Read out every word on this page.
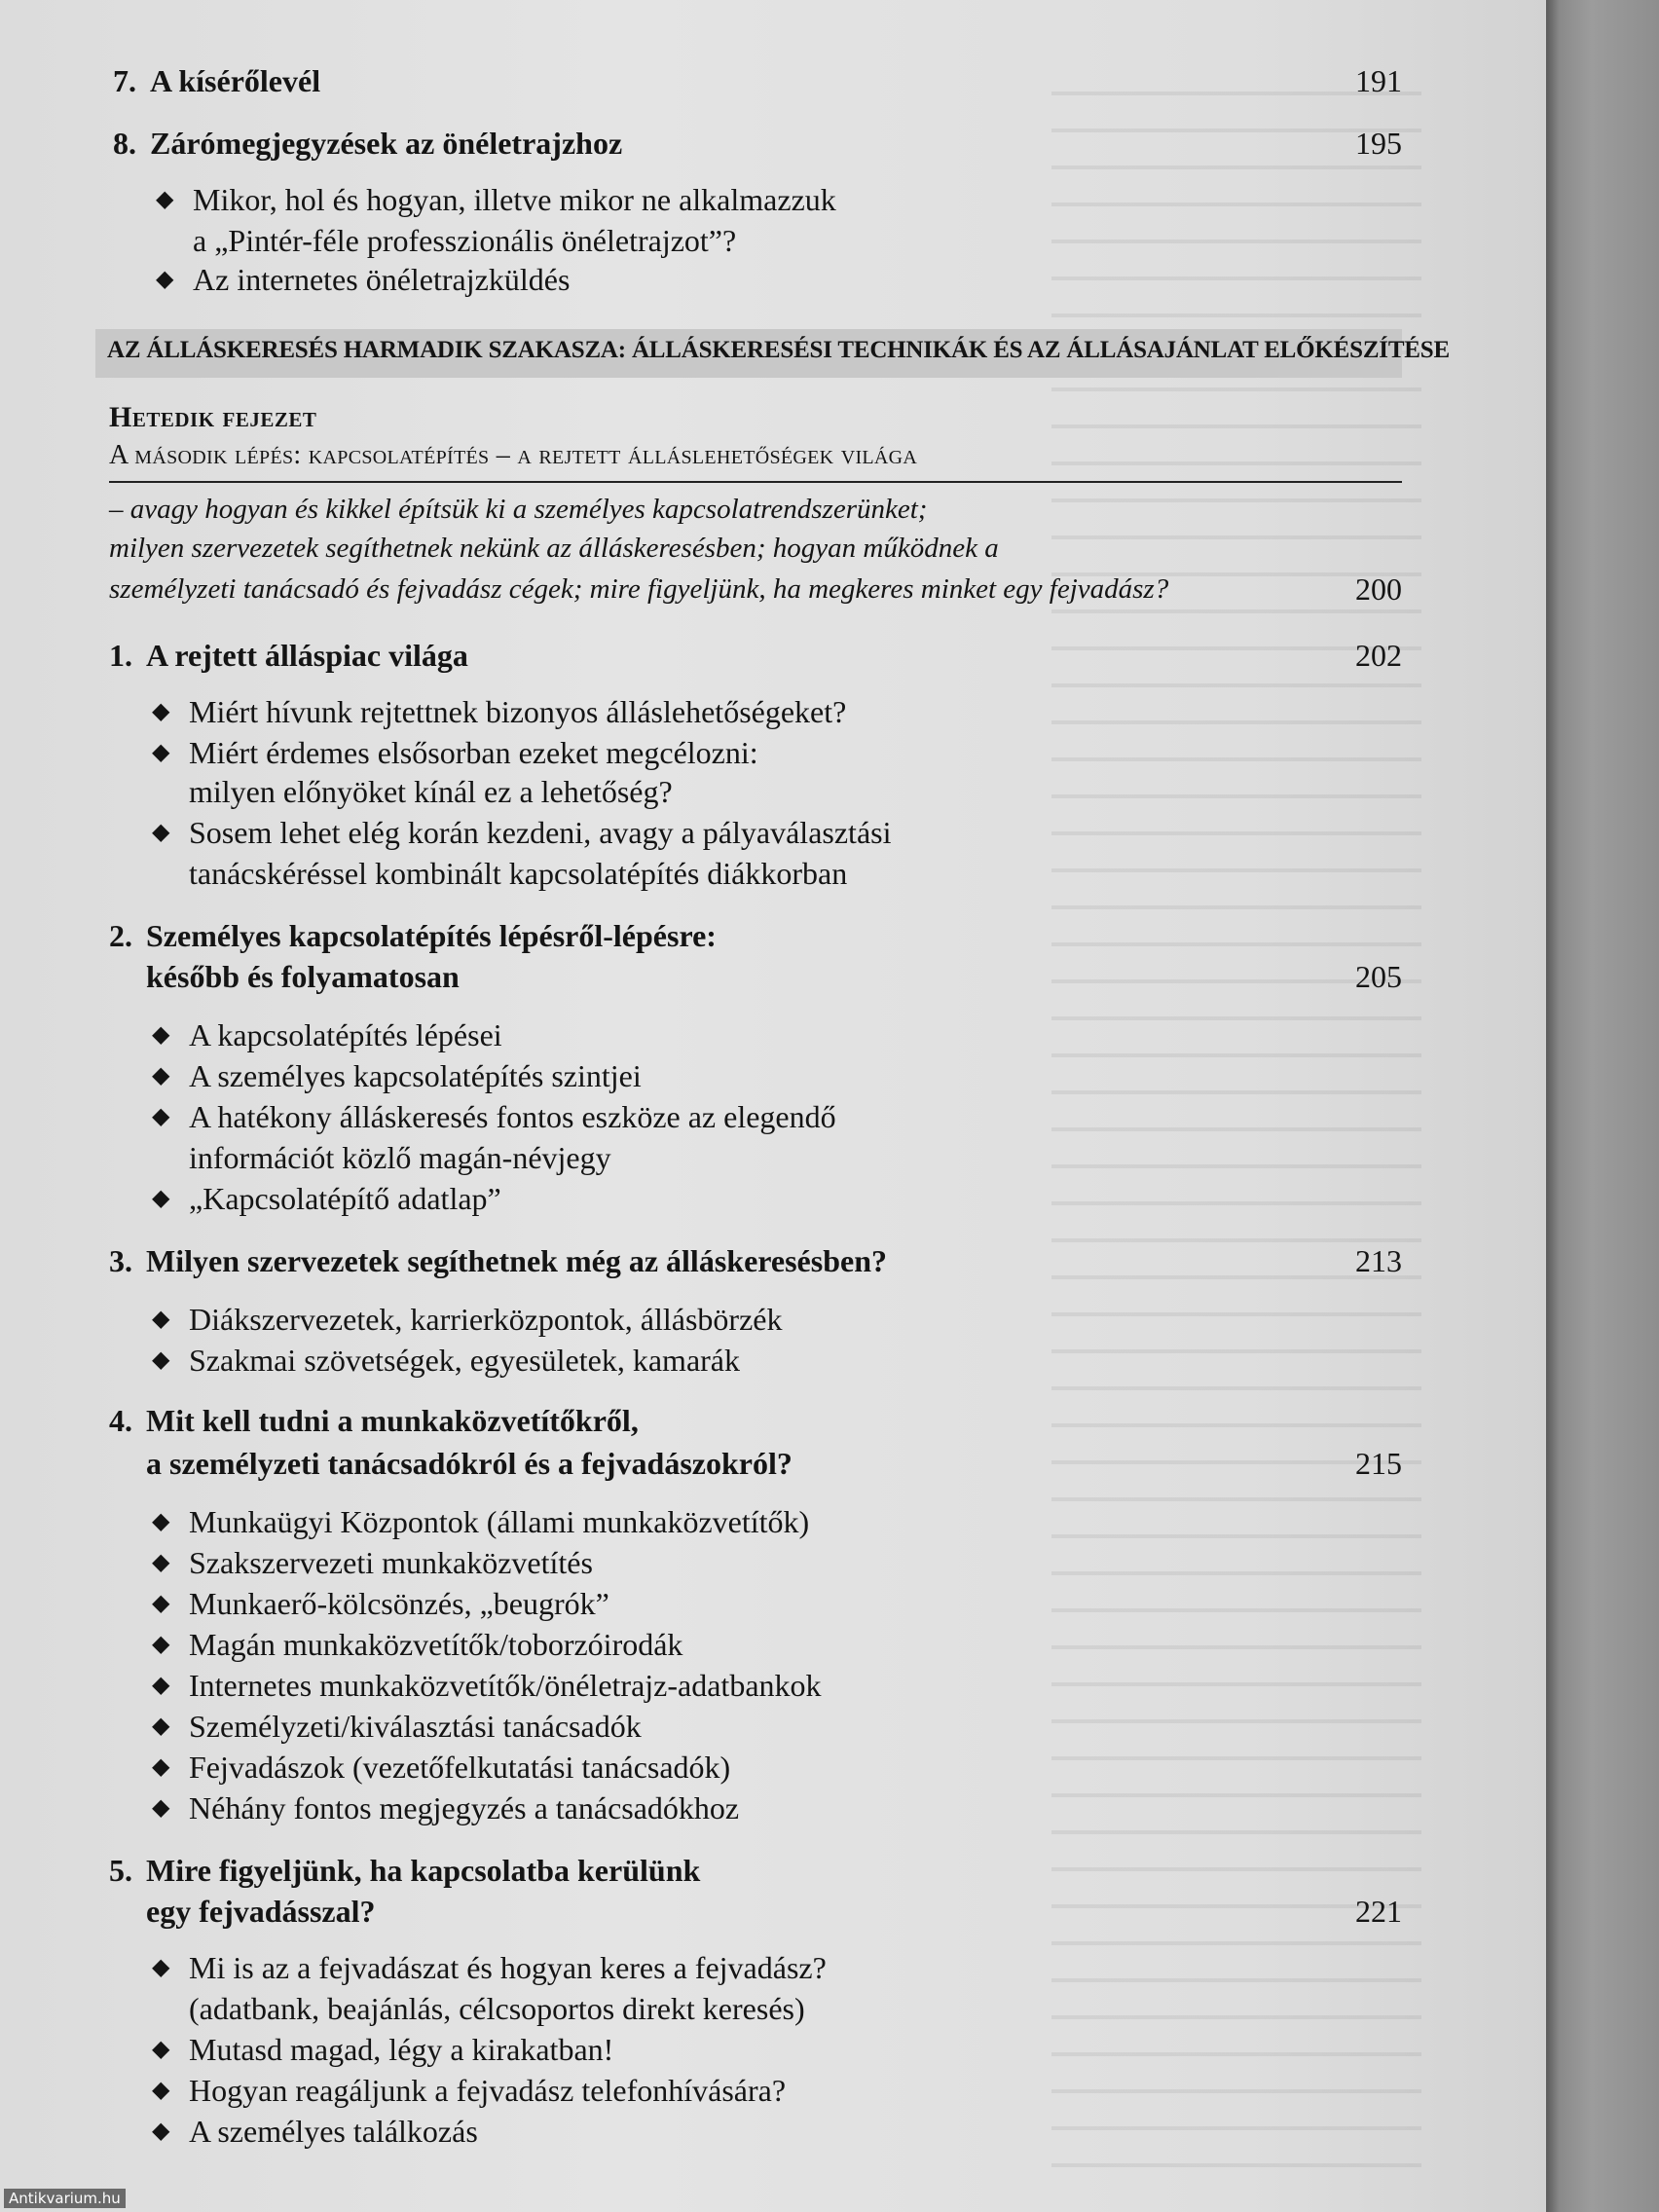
7. A kísérőlevél	191
8. Zárómegjegyzések az önéletrajzhoz	195
◆ Mikor, hol és hogyan, illetve mikor ne alkalmazzuk
a „Pintér-féle professzionális önéletrajzot”?
◆ Az internetes önéletrajzküldés
AZ ÁLLÁSKERESÉS HARMADIK SZAKASZA: ÁLLÁSKERESÉSI TECHNIKÁK ÉS AZ ÁLLÁSAJÁNLAT ELŐKÉSZÍTÉSE
Hetedik fejezet
A második lépés: kapcsolatépítés – a rejtett álláslehetőségek világa
– avagy hogyan és kikkel építsük ki a személyes kapcsolatrendszerünket;
milyen szervezetek segíthetnek nekünk az álláskeresésben; hogyan működnek a
személyzeti tanácsadó és fejvadász cégek; mire figyeljünk, ha megkeres minket egy fejvadász?	200
1. A rejtett álláspiac világa	202
◆ Miért hívunk rejtettnek bizonyos álláslehetőségeket?
◆ Miért érdemes elsősorban ezeket megcélozni:
milyen előnyöket kínál ez a lehetőség?
◆ Sosem lehet elég korán kezdeni, avagy a pályaválasztási
tanácskéréssel kombinált kapcsolatépítés diákkorban
2. Személyes kapcsolatépítés lépésről-lépésre:
később és folyamatosan	205
◆ A kapcsolatépítés lépései
◆ A személyes kapcsolatépítés szintjei
◆ A hatékony álláskeresés fontos eszköze az elegendő
információt közlő magán-névjegy
◆ „Kapcsolatépítő adatlap”
3. Milyen szervezetek segíthetnek még az álláskeresésben?	213
◆ Diákszervezetek, karrierközpontok, állásbörzék
◆ Szakmai szövetségek, egyesületek, kamarák
4. Mit kell tudni a munkaközvetítőkről,
a személyzeti tanácsadókról és a fejvadászokról?	215
◆ Munkaügyi Központok (állami munkaközvetítők)
◆ Szakszervezeti munkaközvetítés
◆ Munkaerő-kölcsönzés, „beugrók”
◆ Magán munkaközvetítők/toborzóirodák
◆ Internetes munkaközvetítők/önéletrajz-adatbankok
◆ Személyzeti/kiválasztási tanácsadók
◆ Fejvadászok (vezetőfelkutatási tanácsadók)
◆ Néhány fontos megjegyzés a tanácsadókhoz
5. Mire figyeljünk, ha kapcsolatba kerülünk
egy fejvadásszal?	221
◆ Mi is az a fejvadászat és hogyan keres a fejvadász?
(adatbank, beajánlás, célcsoportos direkt keresés)
◆ Mutasd magad, légy a kirakatban!
◆ Hogyan reagáljunk a fejvadász telefonhívására?
◆ A személyes találkozás
Antikvarium.hu
